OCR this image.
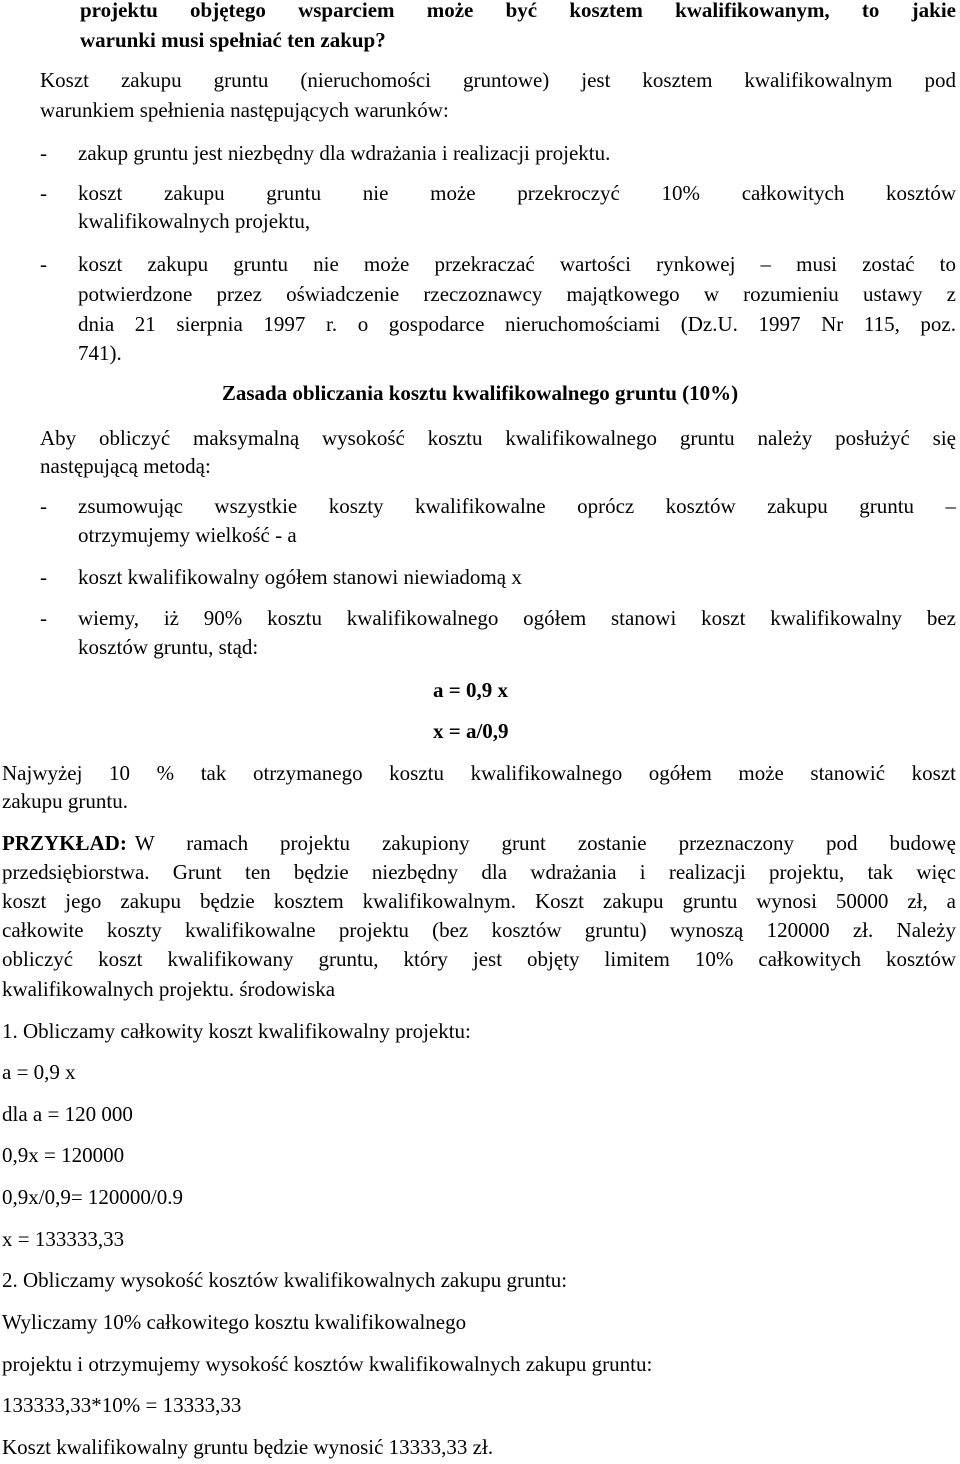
projektu objętego wsparciem może być kosztem kwalifikowanym, to jakie
warunki musi spełniać ten zakup?
Koszt zakupu gruntu (nieruchomości gruntowe) jest kosztem kwalifikowalnym pod
warunkiem spełnienia następujących warunków:
- zakup gruntu jest niezbędny dla wdrażania i realizacji projektu.
- koszt zakupu gruntu nie może przekroczyć 10% całkowitych kosztów
kwalifikowalnych projektu,
- koszt zakupu gruntu nie może przekraczać wartości rynkowej – musi zostać to
potwierdzone przez oświadczenie rzeczoznawcy majątkowego w rozumieniu ustawy z
dnia 21 sierpnia 1997 r. o gospodarce nieruchomościami (Dz.U. 1997 Nr 115, poz.
741).
Zasada obliczania kosztu kwalifikowalnego gruntu (10%)
Aby obliczyć maksymalną wysokość kosztu kwalifikowalnego gruntu należy posłużyć się
następującą metodą:
- zsumowując wszystkie koszty kwalifikowalne oprócz kosztów zakupu gruntu –
otrzymujemy wielkość - a
- koszt kwalifikowalny ogółem stanowi niewiadomą x
- wiemy, iż 90% kosztu kwalifikowalnego ogółem stanowi koszt kwalifikowalny bez
kosztów gruntu, stąd:
a = 0,9 x
x = a/0,9
Najwyżej 10 % tak otrzymanego kosztu kwalifikowalnego ogółem może stanowić koszt
zakupu gruntu.
PRZYKŁAD: W ramach projektu zakupiony grunt zostanie przeznaczony pod budowę
przedsiębiorstwa. Grunt ten będzie niezbędny dla wdrażania i realizacji projektu, tak więc
koszt jego zakupu będzie kosztem kwalifikowalnym. Koszt zakupu gruntu wynosi 50000 zł, a
całkowite koszty kwalifikowalne projektu (bez kosztów gruntu) wynoszą 120000 zł. Należy
obliczyć koszt kwalifikowany gruntu, który jest objęty limitem 10% całkowitych kosztów
kwalifikowalnych projektu. środowiska
1. Obliczamy całkowity koszt kwalifikowalny projektu:
a = 0,9 x
dla a = 120 000
0,9x = 120000
0,9x/0,9= 120000/0.9
x = 133333,33
2. Obliczamy wysokość kosztów kwalifikowalnych zakupu gruntu:
Wyliczamy 10% całkowitego kosztu kwalifikowalnego
projektu i otrzymujemy wysokość kosztów kwalifikowalnych zakupu gruntu:
133333,33*10% = 13333,33
Koszt kwalifikowalny gruntu będzie wynosić 13333,33 zł.
